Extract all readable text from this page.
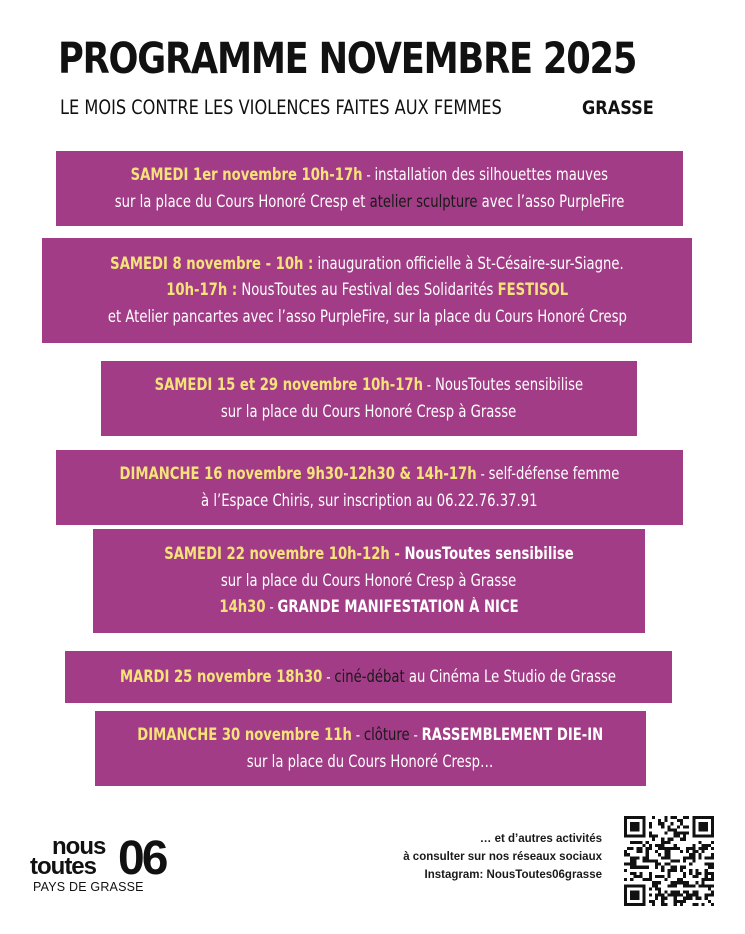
PROGRAMME NOVEMBRE 2025
LE MOIS CONTRE LES VIOLENCES FAITES AUX FEMMES	GRASSE
SAMEDI 1er novembre 10h-17h - installation des silhouettes mauves
sur la place du Cours Honoré Cresp et atelier sculpture avec l’asso PurpleFire
SAMEDI 8 novembre - 10h : inauguration officielle à St-Césaire-sur-Siagne.
10h-17h : NousToutes au Festival des Solidarités FESTISOL
et Atelier pancartes avec l’asso PurpleFire, sur la place du Cours Honoré Cresp
SAMEDI 15 et 29 novembre 10h-17h - NousToutes sensibilise
sur la place du Cours Honoré Cresp à Grasse
DIMANCHE 16 novembre 9h30-12h30 & 14h-17h - self-défense femme
à l’Espace Chiris, sur inscription au 06.22.76.37.91
SAMEDI 22 novembre 10h-12h - NousToutes sensibilise
sur la place du Cours Honoré Cresp à Grasse
14h30 - GRANDE MANIFESTATION À NICE
MARDI 25 novembre 18h30 - ciné-débat au Cinéma Le Studio de Grasse
DIMANCHE 30 novembre 11h - clôture - RASSEMBLEMENT DIE-IN
sur la place du Cours Honoré Cresp…
nous
toutes 06
PAYS DE GRASSE
… et d’autres activités
à consulter sur nos réseaux sociaux
Instagram: NousToutes06grasse
